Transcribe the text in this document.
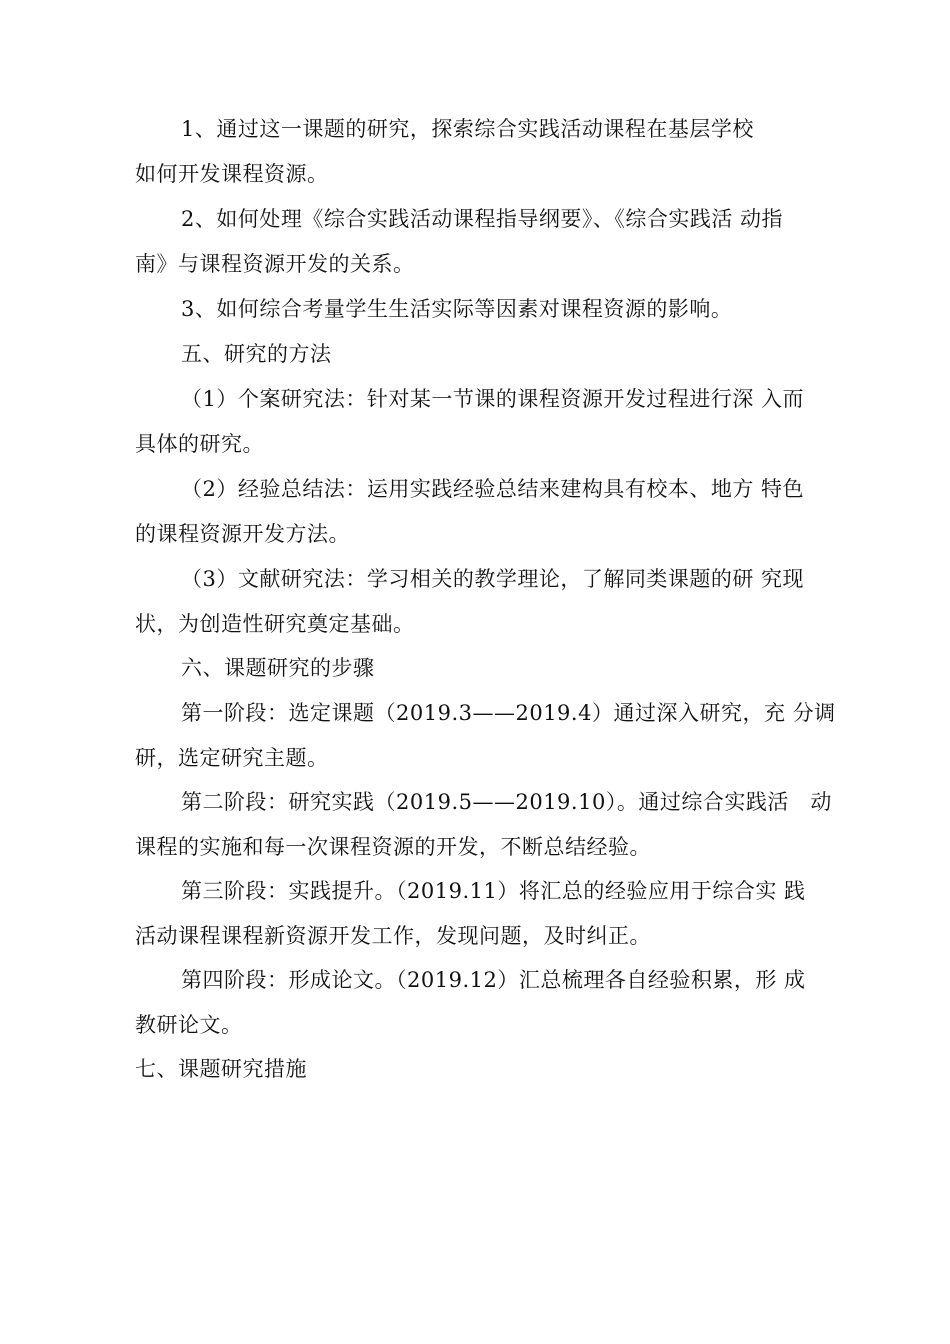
1、通过这一课题的研究，探索综合实践活动课程在基层学校
如何开发课程资源。
2、如何处理《综合实践活动课程指导纲要》、《综合实践活 动指
南》与课程资源开发的关系。
3、如何综合考量学生生活实际等因素对课程资源的影响。
五、研究的方法
（1）个案研究法：针对某一节课的课程资源开发过程进行深 入而
具体的研究。
（2）经验总结法：运用实践经验总结来建构具有校本、地方 特色
的课程资源开发方法。
（3）文献研究法：学习相关的教学理论，了解同类课题的研 究现
状，为创造性研究奠定基础。
六、课题研究的步骤
第一阶段：选定课题（2019.3——2019.4）通过深入研究，充 分调
研，选定研究主题。
第二阶段：研究实践（2019.5——2019.10）。通过综合实践活　动
课程的实施和每一次课程资源的开发，不断总结经验。
第三阶段：实践提升。（2019.11）将汇总的经验应用于综合实 践
活动课程课程新资源开发工作，发现问题，及时纠正。
第四阶段：形成论文。（2019.12）汇总梳理各自经验积累，形 成
教研论文。
七、课题研究措施
